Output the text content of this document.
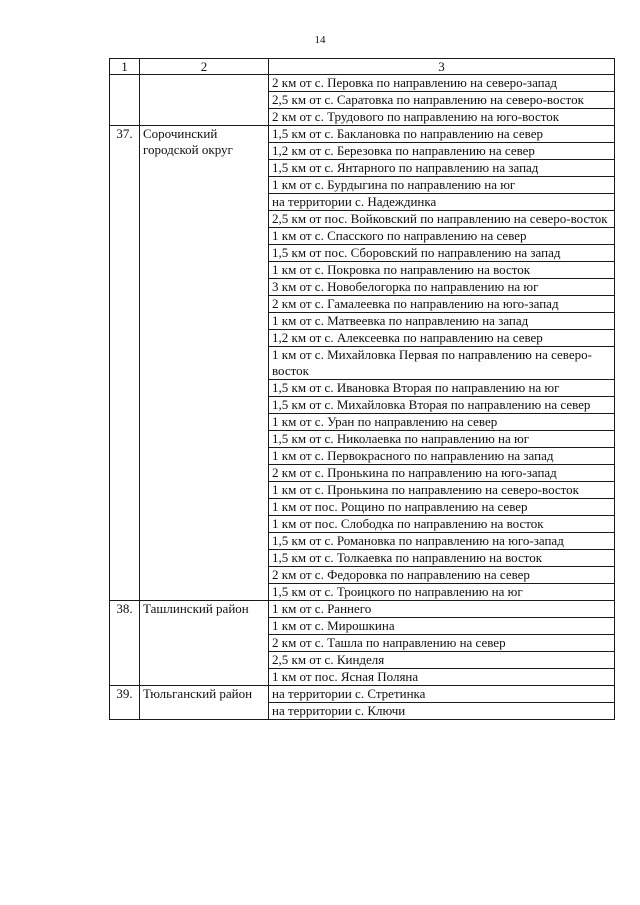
14
1	2	3
		2 км от с. Перовка по направлению на северо-запад
		2,5 км от с. Саратовка по направлению на северо-восток
		2 км от с. Трудового по направлению на юго-восток
37.	Сорочинский городской округ	1,5 км от с. Баклановка по направлению на север
		1,2 км от с. Березовка по направлению на север
		1,5 км от с. Янтарного по направлению на запад
		1 км от с. Бурдыгина по направлению на юг
		на территории с. Надеждинка
		2,5 км от пос. Войковский по направлению на северо-восток
		1 км от с. Спасского по направлению на север
		1,5 км от пос. Сборовский по направлению на запад
		1 км от с. Покровка по направлению на восток
		3 км от с. Новобелогорка по направлению на юг
		2 км от с. Гамалеевка по направлению на юго-запад
		1 км от с. Матвеевка по направлению на запад
		1,2 км от с. Алексеевка по направлению на север
		1 км от с. Михайловка Первая по направлению на северо-восток
		1,5 км от с. Ивановка Вторая по направлению на юг
		1,5 км от с. Михайловка Вторая по направлению на север
		1 км от с. Уран по направлению на север
		1,5 км от с. Николаевка по направлению на юг
		1 км от с. Первокрасного по направлению на запад
		2 км от с. Пронькина по направлению на юго-запад
		1 км от с. Пронькина по направлению на северо-восток
		1 км от пос. Рощино по направлению на север
		1 км от пос. Слободка по направлению на восток
		1,5 км от с. Романовка по направлению на юго-запад
		1,5 км от с. Толкаевка по направлению на восток
		2 км от с. Федоровка по направлению на север
		1,5 км от с. Троицкого по направлению на юг
38.	Ташлинский район	1 км от с. Раннего
		1 км от с. Мирошкина
		2 км от с. Ташла по направлению на север
		2,5 км от с. Кинделя
		1 км от пос. Ясная Поляна
39.	Тюльганский район	на территории с. Стретинка
		на территории с. Ключи
